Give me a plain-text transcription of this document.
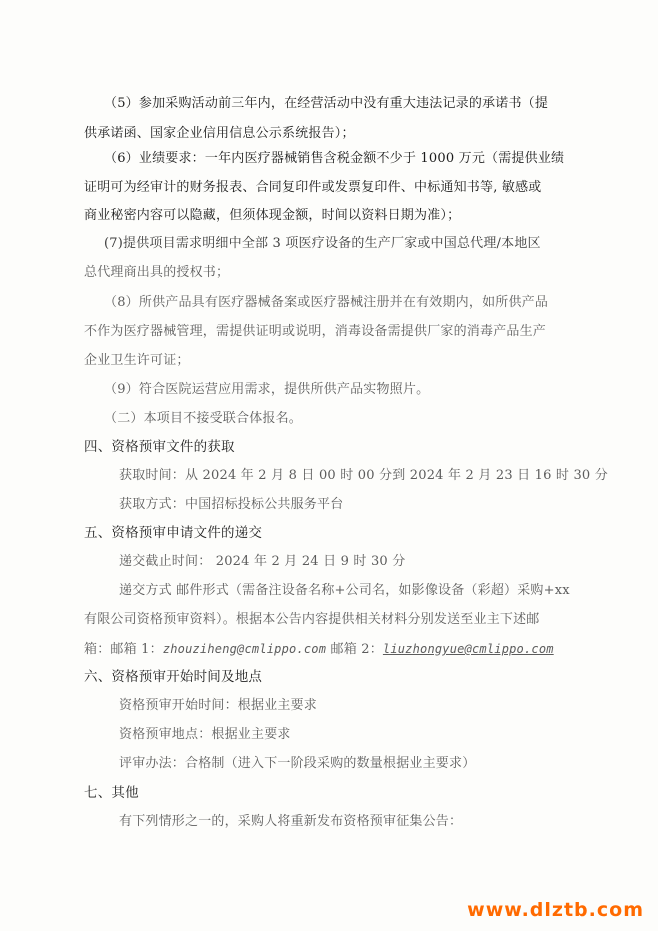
（5）参加采购活动前三年内，在经营活动中没有重大违法记录的承诺书（提
供承诺函、国家企业信用信息公示系统报告）；
（6）业绩要求：一年内医疗器械销售含税金额不少于 1000 万元（需提供业绩
证明可为经审计的财务报表、合同复印件或发票复印件、中标通知书等, 敏感或
商业秘密内容可以隐藏，但须体现金额，时间以资料日期为准）；
(7)提供项目需求明细中全部 3 项医疗设备的生产厂家或中国总代理/本地区
总代理商出具的授权书；
（8）所供产品具有医疗器械备案或医疗器械注册并在有效期内，如所供产品
不作为医疗器械管理，需提供证明或说明，消毒设备需提供厂家的消毒产品生产
企业卫生许可证；
（9）符合医院运营应用需求，提供所供产品实物照片。
（二）本项目不接受联合体报名。
四、资格预审文件的获取
获取时间：从 2024 年 2 月 8 日 00 时 00 分到 2024 年 2 月 23 日 16 时 30 分
获取方式：中国招标投标公共服务平台
五、资格预审申请文件的递交
递交截止时间： 2024 年 2 月 24 日 9 时 30 分
递交方式 邮件形式（需备注设备名称+公司名，如影像设备（彩超）采购+xx
有限公司资格预审资料）。根据本公告内容提供相关材料分别发送至业主下述邮
箱：邮箱 1：zhouziheng@cmlippo.com 邮箱 2：liuzhongyue@cmlippo.com
六、资格预审开始时间及地点
资格预审开始时间：根据业主要求
资格预审地点：根据业主要求
评审办法：合格制（进入下一阶段采购的数量根据业主要求）
七、其他
有下列情形之一的，采购人将重新发布资格预审征集公告：
www.dlztb.com
